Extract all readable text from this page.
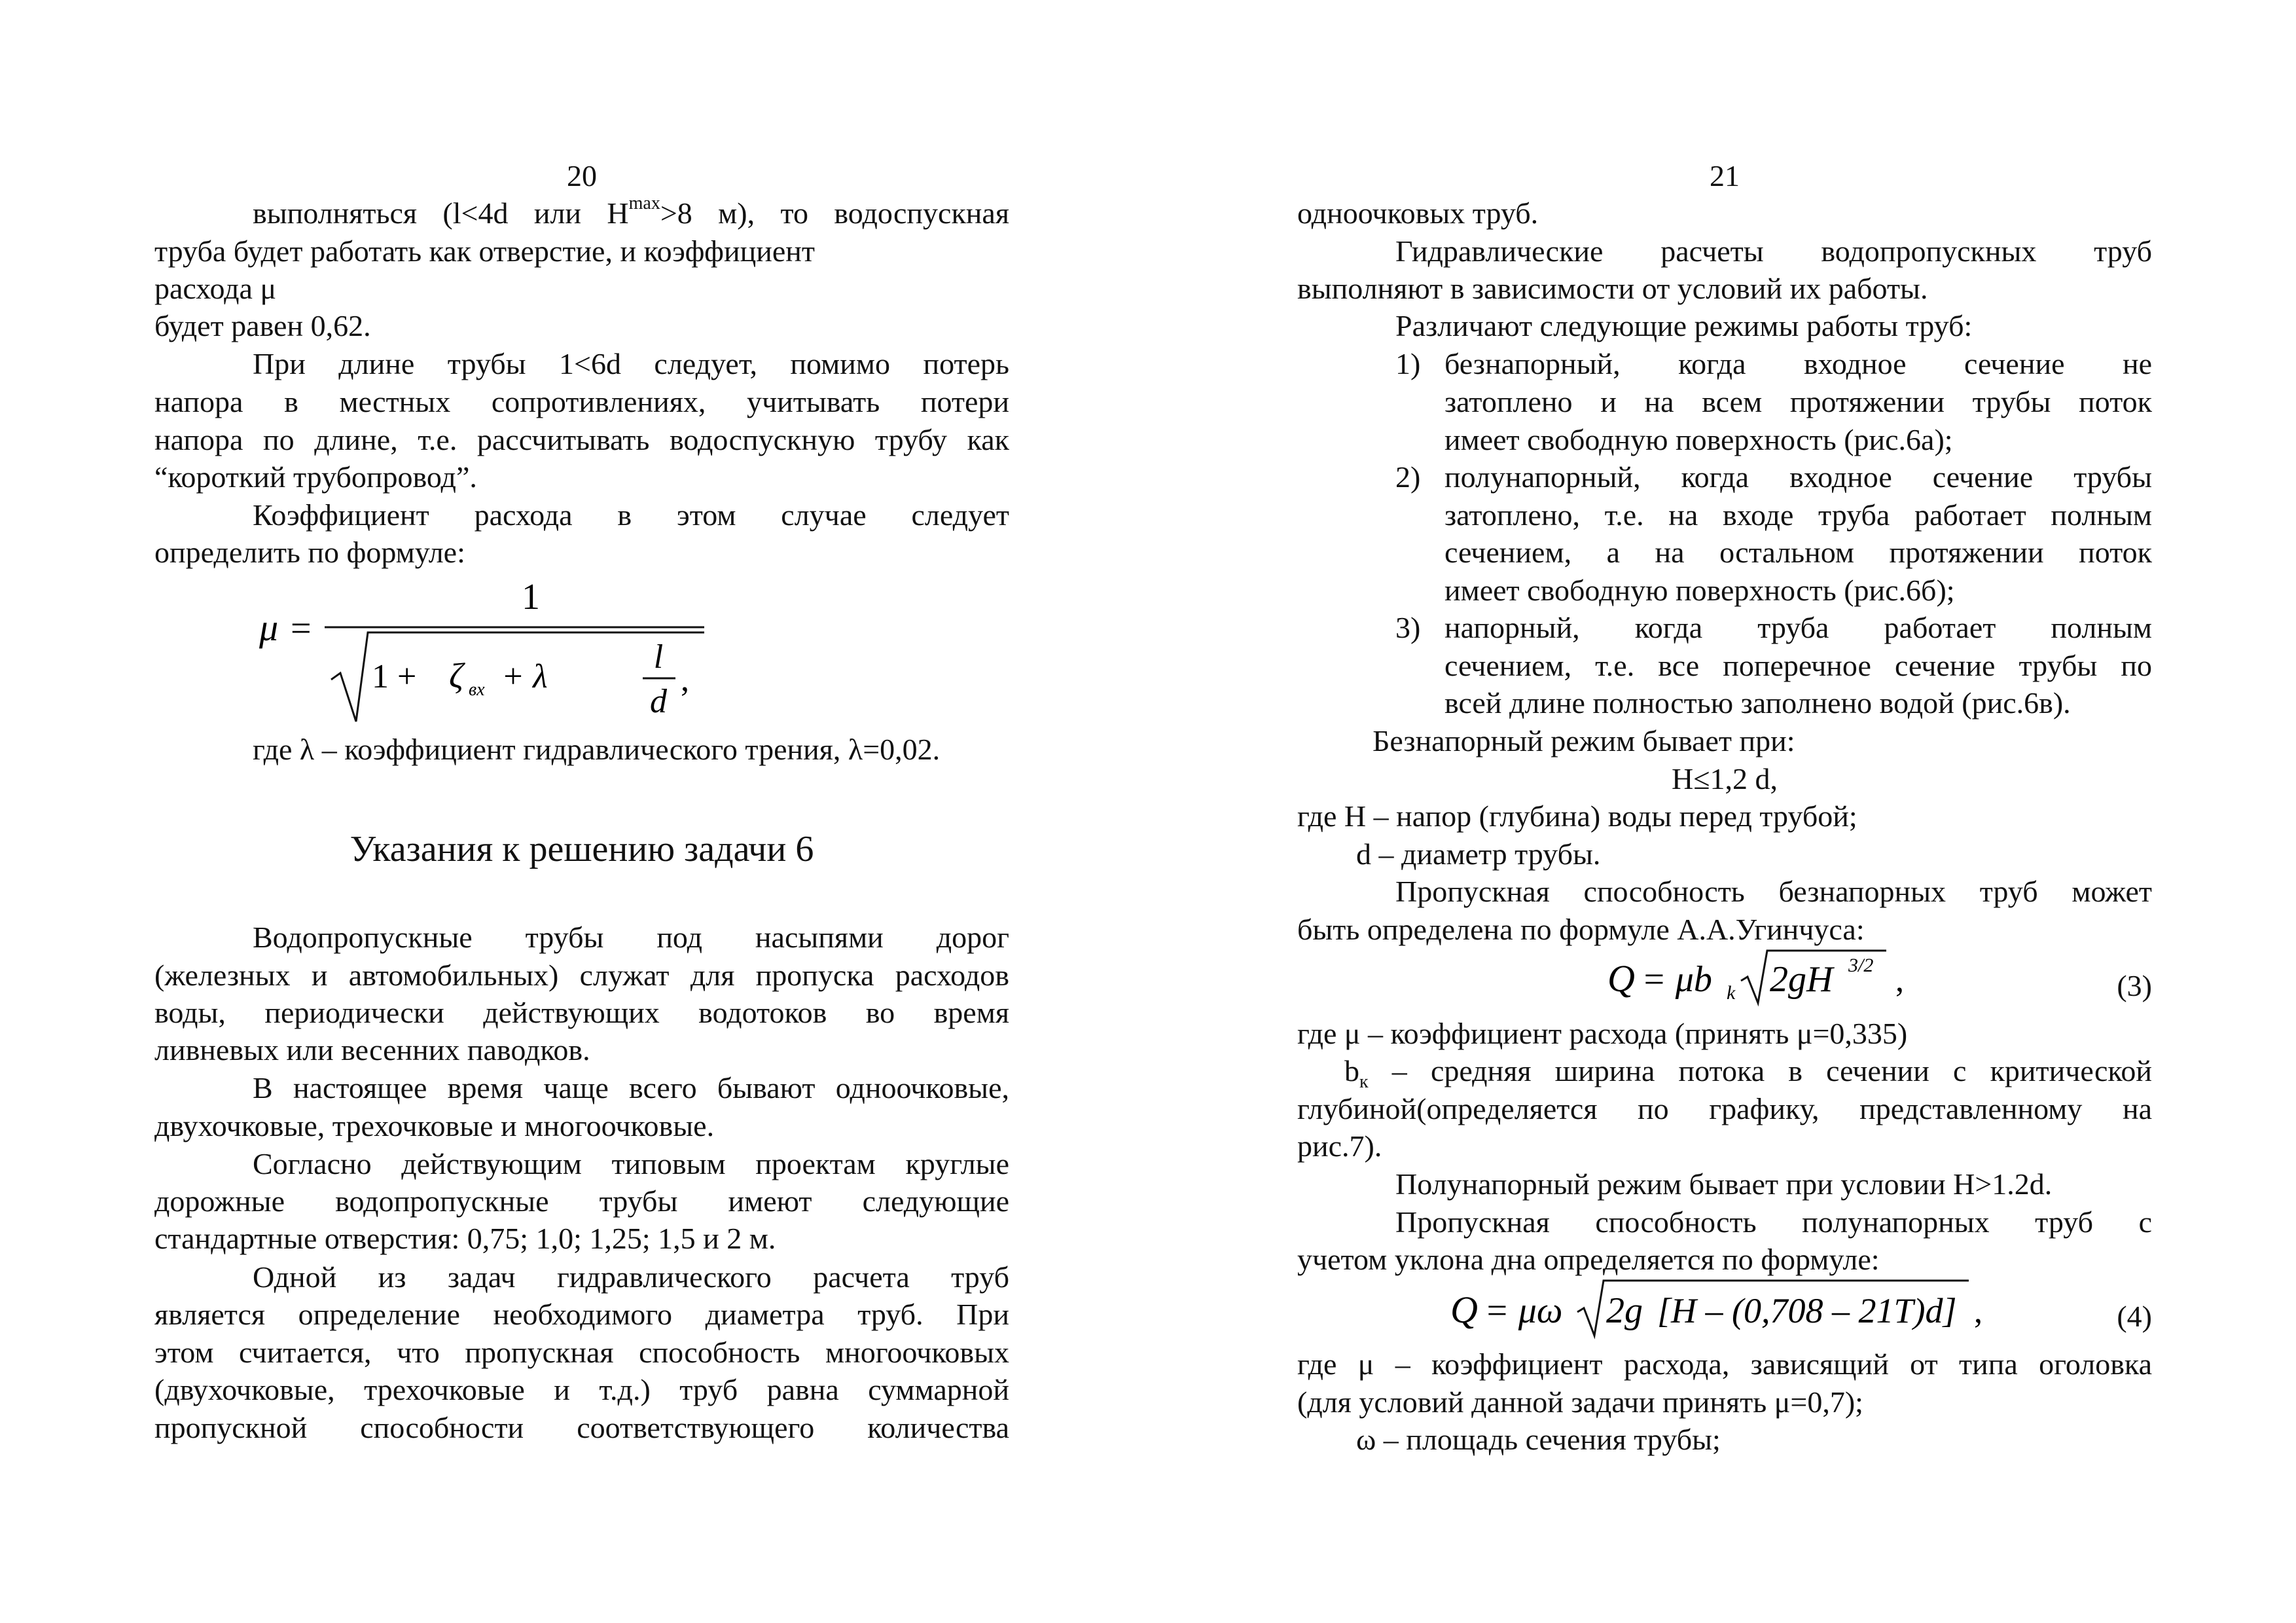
20
выполняться (l<4d или $H^{max}>8$ м), то водоспускная
труба будет работать как отверстие, и коэффициент
расхода μ
будет равен 0,62.
При длине трубы 1<6d следует, помимо потерь
напора в местных сопротивлениях, учитывать потери
напора по длине, т.е. рассчитывать водоспускную трубу как
“короткий трубопровод”.
Коэффициент расхода в этом случае следует
определить по формуле:
μ =
1
1 + ζ вх + λ
l
d
,
где λ – коэффициент гидравлического трения, λ=0,02.
Указания к решению задачи 6
Водопропускные трубы под насыпями дорог
(железных и автомобильных) служат для пропуска расходов
воды, периодически действующих водотоков во время
ливневых или весенних паводков.
В настоящее время чаще всего бывают одноочковые,
двухочковые, трехочковые и многоочковые.
Согласно действующим типовым проектам круглые
дорожные водопропускные трубы имеют следующие
стандартные отверстия: 0,75; 1,0; 1,25; 1,5 и 2 м.
Одной из задач гидравлического расчета труб
является определение необходимого диаметра труб. При
этом считается, что пропускная способность многоочковых
(двухочковые, трехочковые и т.д.) труб равна суммарной
пропускной способности соответствующего количества
21
одноочковых труб.
Гидравлические расчеты водопропускных труб
выполняют в зависимости от условий их работы.
Различают следующие режимы работы труб:
1) безнапорный, когда входное сечение не
затоплено и на всем протяжении трубы поток
имеет свободную поверхность (рис.6а);
2) полунапорный, когда входное сечение трубы
затоплено, т.е. на входе труба работает полным
сечением, а на остальном протяжении поток
имеет свободную поверхность (рис.6б);
3) напорный, когда труба работает полным
сечением, т.е. все поперечное сечение трубы по
всей длине полностью заполнено водой (рис.6в).
Безнапорный режим бывает при:
H≤1,2 d,
где H – напор (глубина) воды перед трубой;
d – диаметр трубы.
Пропускная способность безнапорных труб может
быть определена по формуле А.А.Угинчуса:
Q = μb k 2gH 3/2 ,	(3)
где μ – коэффициент расхода (принять μ=0,335)
$b_к$ – средняя ширина потока в сечении с критической
глубиной(определяется по графику, представленному на
рис.7).
Полунапорный режим бывает при условии H>1.2d.
Пропускная способность полунапорных труб с
учетом уклона дна определяется по формуле:
Q = μω 2g [H – (0,708 – 21T)d] ,	(4)
где μ – коэффициент расхода, зависящий от типа оголовка
(для условий данной задачи принять μ=0,7);
ω – площадь сечения трубы;
